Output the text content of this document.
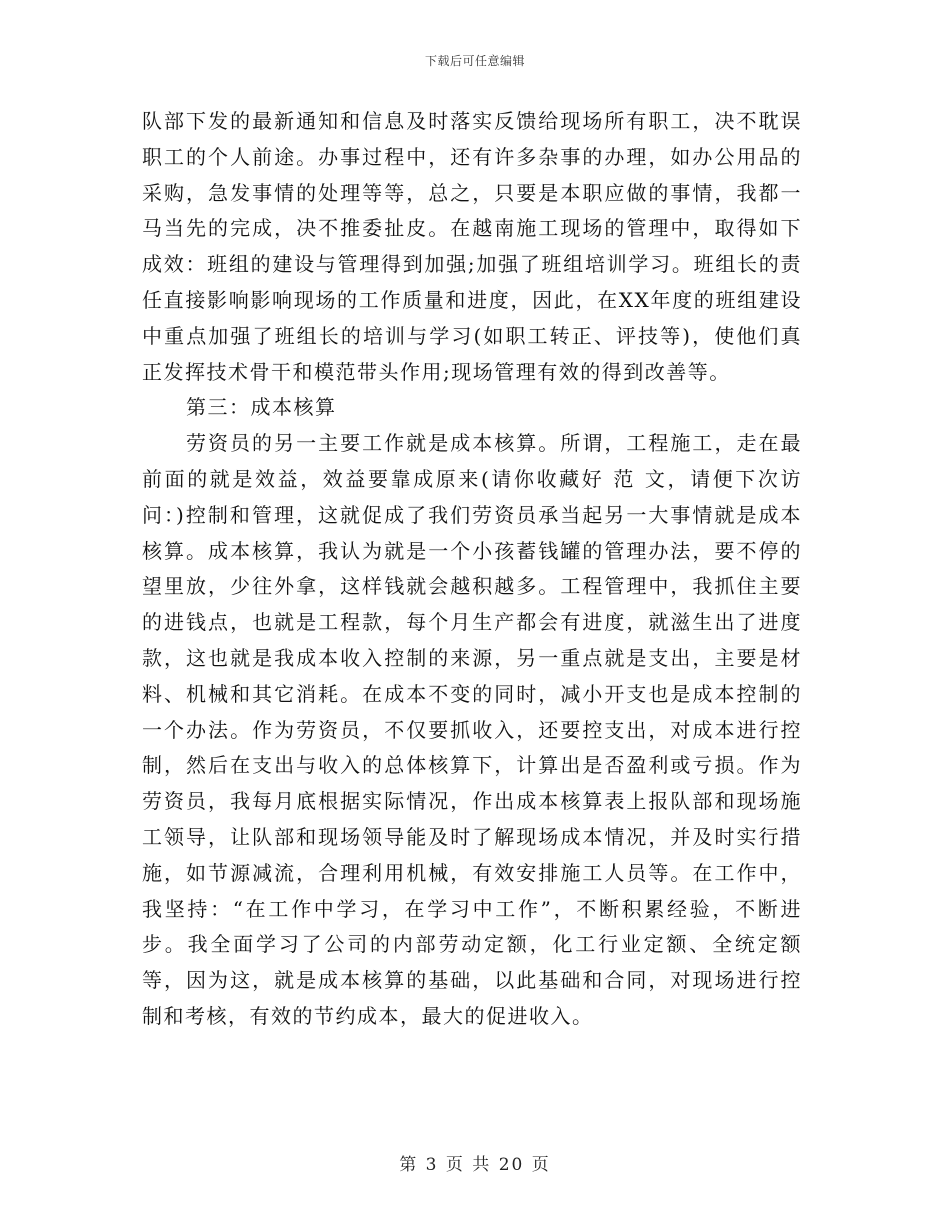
下载后可任意编辑

队部下发的最新通知和信息及时落实反馈给现场所有职工，决不耽误职工的个人前途。办事过程中，还有许多杂事的办理，如办公用品的采购，急发事情的处理等等，总之，只要是本职应做的事情，我都一马当先的完成，决不推委扯皮。在越南施工现场的管理中，取得如下成效：班组的建设与管理得到加强;加强了班组培训学习。班组长的责任直接影响影响现场的工作质量和进度，因此，在XX年度的班组建设中重点加强了班组长的培训与学习(如职工转正、评技等)，使他们真正发挥技术骨干和模范带头作用;现场管理有效的得到改善等。

第三：成本核算

劳资员的另一主要工作就是成本核算。所谓，工程施工，走在最前面的就是效益，效益要靠成原来(请你收藏好 范 文，请便下次访问：)控制和管理，这就促成了我们劳资员承当起另一大事情就是成本核算。成本核算，我认为就是一个小孩蓄钱罐的管理办法，要不停的望里放，少往外拿，这样钱就会越积越多。工程管理中，我抓住主要的进钱点，也就是工程款，每个月生产都会有进度，就滋生出了进度款，这也就是我成本收入控制的来源，另一重点就是支出，主要是材料、机械和其它消耗。在成本不变的同时，减小开支也是成本控制的一个办法。作为劳资员，不仅要抓收入，还要控支出，对成本进行控制，然后在支出与收入的总体核算下，计算出是否盈利或亏损。作为劳资员，我每月底根据实际情况，作出成本核算表上报队部和现场施工领导，让队部和现场领导能及时了解现场成本情况，并及时实行措施，如节源减流，合理利用机械，有效安排施工人员等。在工作中，我坚持：“在工作中学习，在学习中工作”，不断积累经验，不断进步。我全面学习了公司的内部劳动定额，化工行业定额、全统定额等，因为这，就是成本核算的基础，以此基础和合同，对现场进行控制和考核，有效的节约成本，最大的促进收入。

第 3 页 共 20 页
